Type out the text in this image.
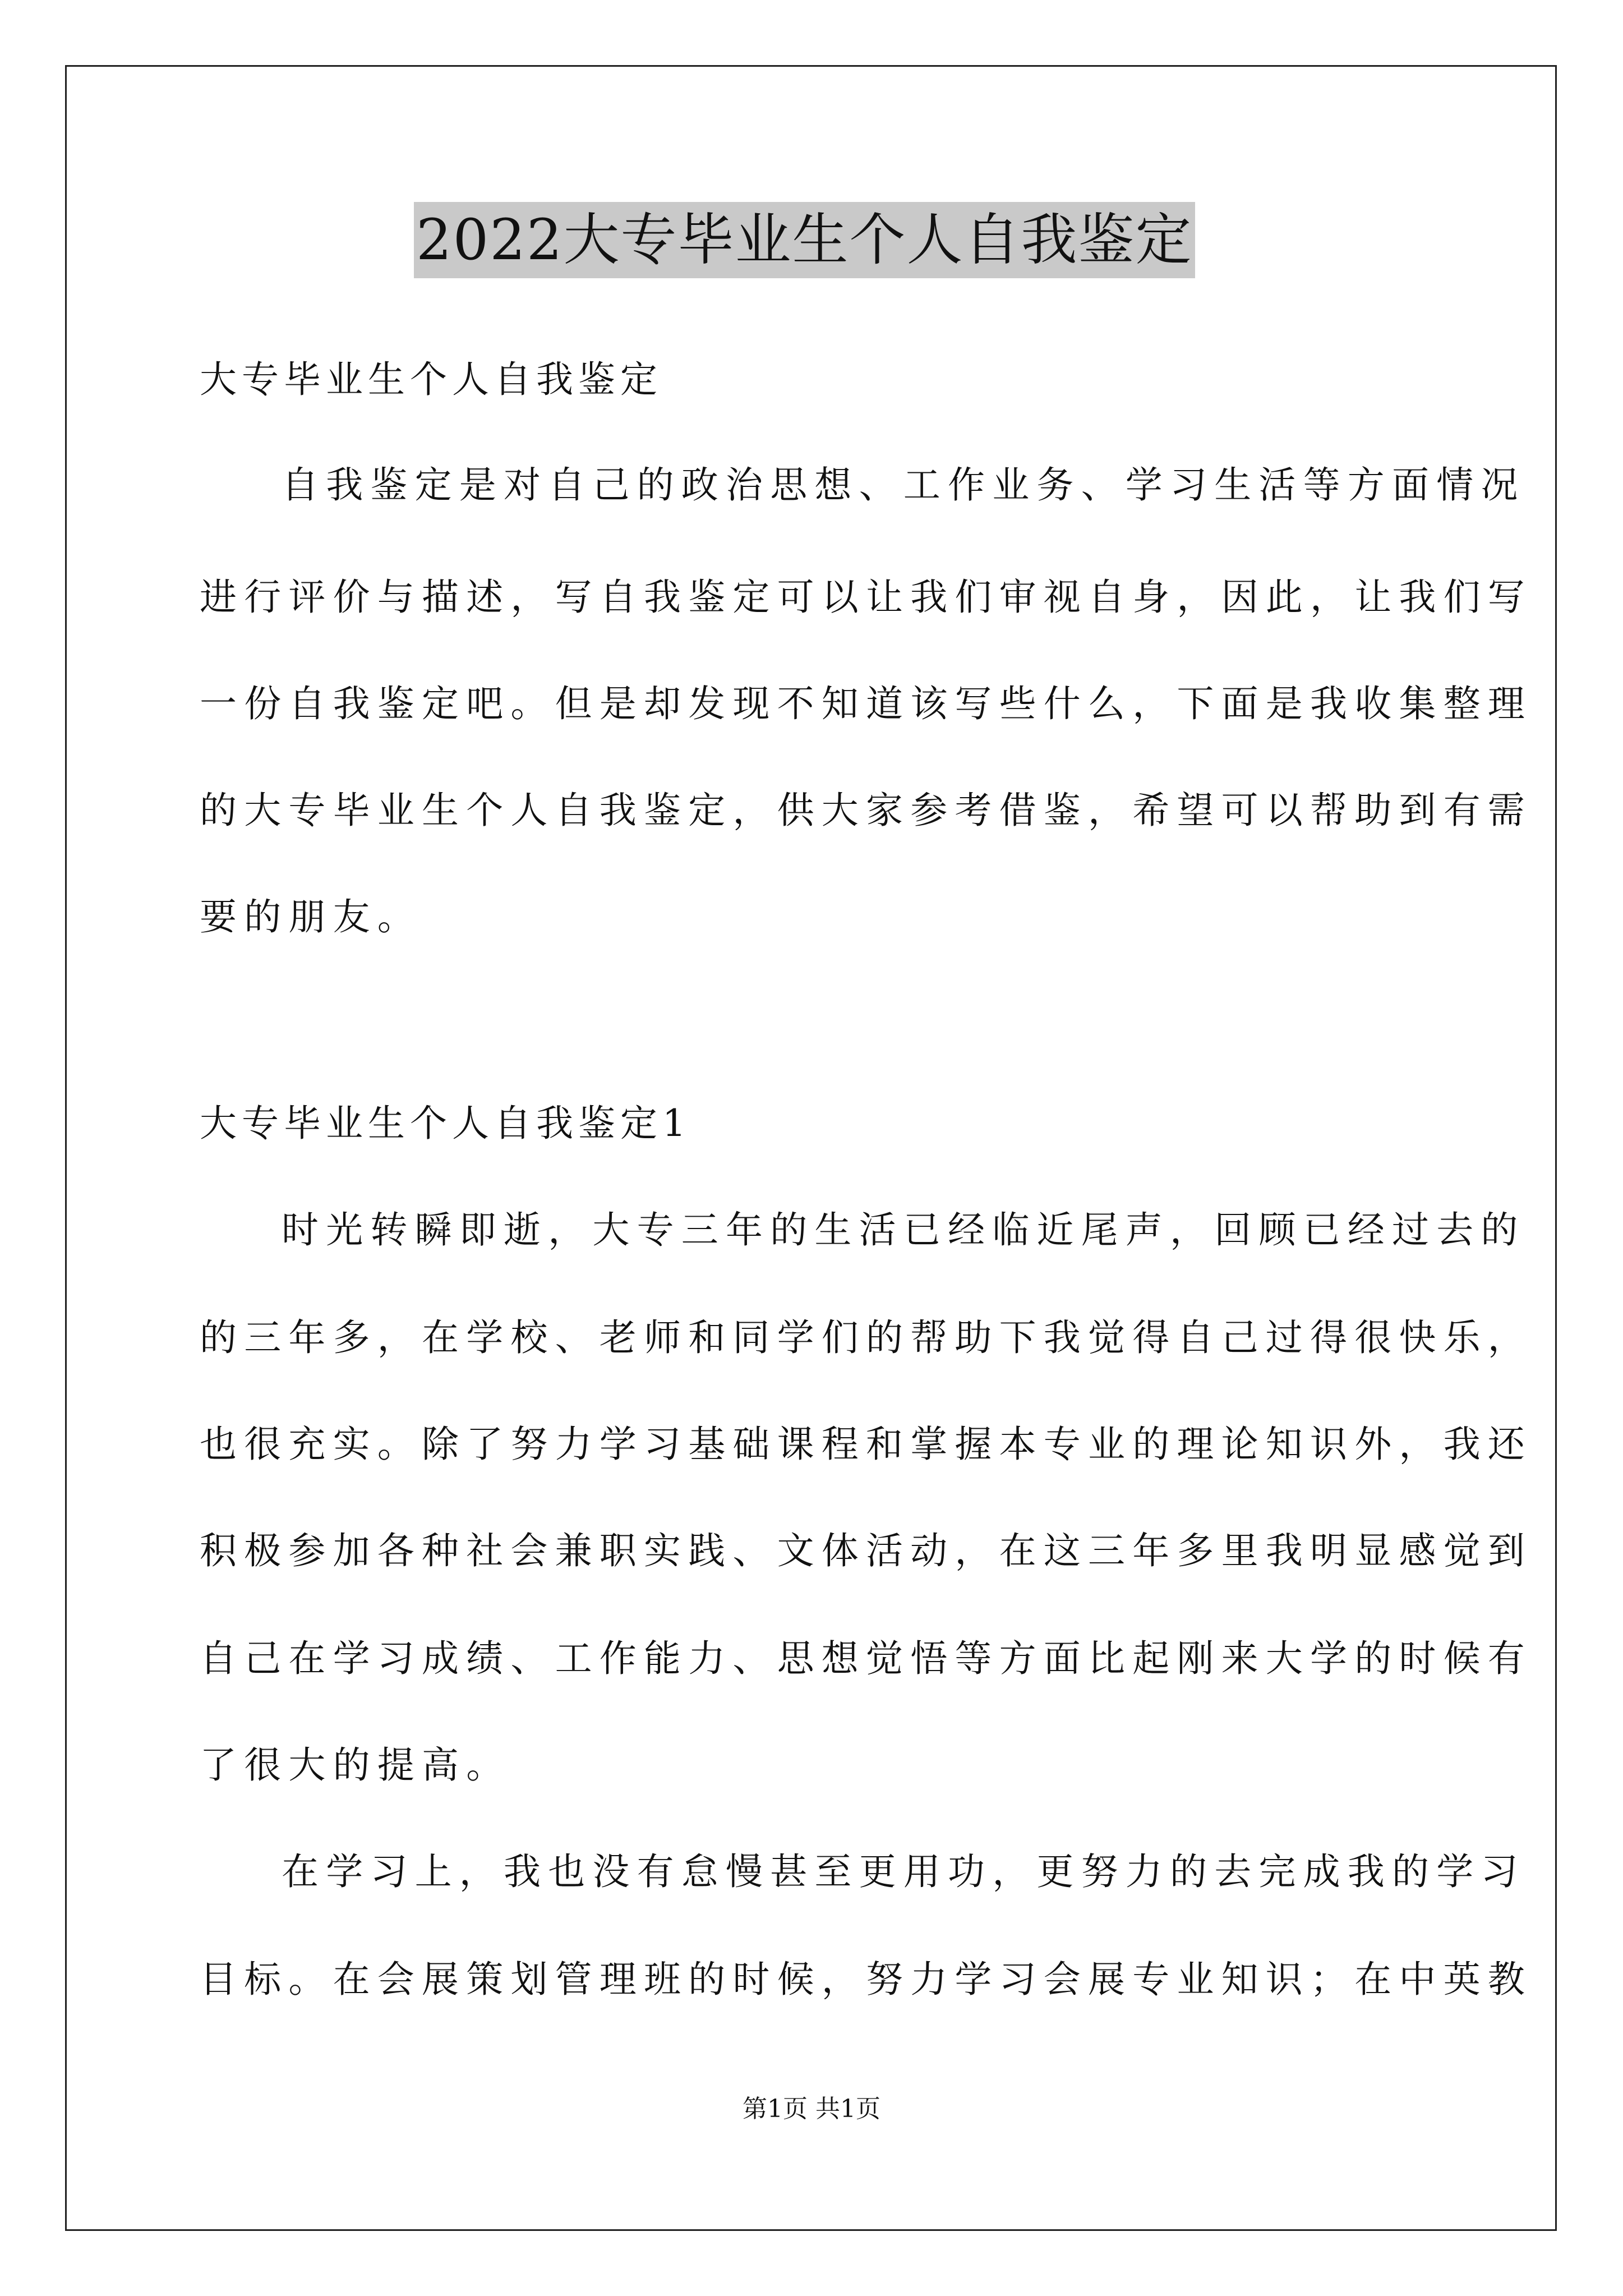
2022大专毕业生个人自我鉴定
大专毕业生个人自我鉴定
自我鉴定是对自己的政治思想、工作业务、学习生活等方面情况
进行评价与描述，写自我鉴定可以让我们审视自身，因此，让我们写
一份自我鉴定吧。但是却发现不知道该写些什么，下面是我收集整理
的大专毕业生个人自我鉴定，供大家参考借鉴，希望可以帮助到有需
要的朋友。
大专毕业生个人自我鉴定1
时光转瞬即逝，大专三年的生活已经临近尾声，回顾已经过去的
的三年多，在学校、老师和同学们的帮助下我觉得自己过得很快乐，
也很充实。除了努力学习基础课程和掌握本专业的理论知识外，我还
积极参加各种社会兼职实践、文体活动，在这三年多里我明显感觉到
自己在学习成绩、工作能力、思想觉悟等方面比起刚来大学的时候有
了很大的提高。
在学习上，我也没有怠慢甚至更用功，更努力的去完成我的学习
目标。在会展策划管理班的时候，努力学习会展专业知识；在中英教
第1页 共1页
